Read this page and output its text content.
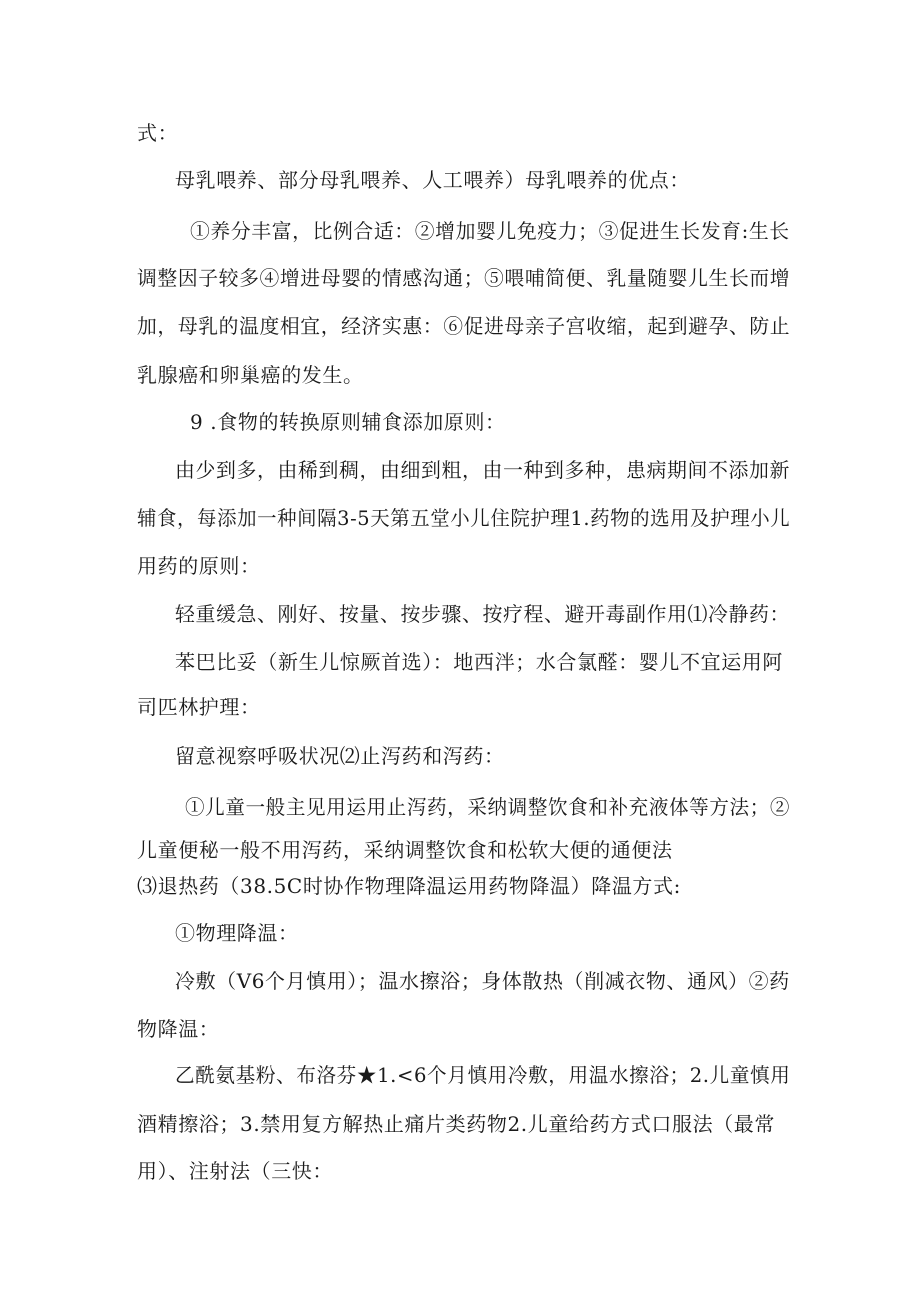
式：
母乳喂养、部分母乳喂养、人工喂养）母乳喂养的优点：
①养分丰富，比例合适：②增加婴儿免疫力；③促进生长发育:生长
调整因子较多④增进母婴的情感沟通；⑤喂哺简便、乳量随婴儿生长而增
加，母乳的温度相宜，经济实惠：⑥促进母亲子宫收缩，起到避孕、防止
乳腺癌和卵巢癌的发生。
9 .食物的转换原则辅食添加原则：
由少到多，由稀到稠，由细到粗，由一种到多种，患病期间不添加新
辅食，每添加一种间隔3-5天第五堂小儿住院护理1.药物的选用及护理小儿
用药的原则：
轻重缓急、刚好、按量、按步骤、按疗程、避开毒副作用⑴冷静药：
苯巴比妥（新生儿惊厥首选）：地西泮；水合氯醛：婴儿不宜运用阿
司匹林护理：
留意视察呼吸状况⑵止泻药和泻药：
①儿童一般主见用运用止泻药，采纳调整饮食和补充液体等方法；②
儿童便秘一般不用泻药，采纳调整饮食和松软大便的通便法
⑶退热药（38.5C时协作物理降温运用药物降温）降温方式:
①物理降温：
冷敷（V6个月慎用）；温水擦浴；身体散热（削减衣物、通风）②药
物降温：
乙酰氨基粉、布洛芬★1.<6个月慎用冷敷，用温水擦浴；2.儿童慎用
酒精擦浴；3.禁用复方解热止痛片类药物2.儿童给药方式口服法（最常
用）、注射法（三快：
